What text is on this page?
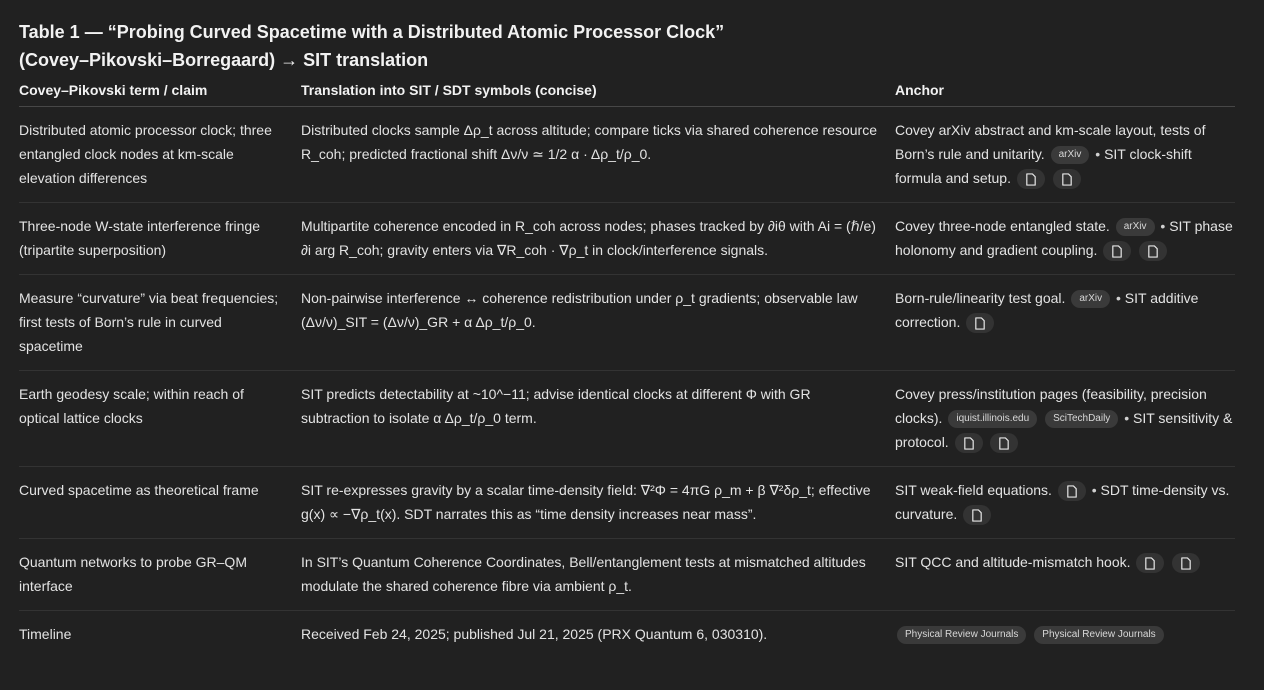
Table 1 — “Probing Curved Spacetime with a Distributed Atomic Processor Clock” (Covey–Pikovski–Borregaard) → SIT translation
Covey–Pikovski term / claim	Translation into SIT / SDT symbols (concise)	Anchor
Distributed atomic processor clock; three entangled clock nodes at km-scale elevation differences	Distributed clocks sample Δρ_t across altitude; compare ticks via shared coherence resource R_coh; predicted fractional shift Δν/ν ≃ 1/2 α · Δρ_t/ρ_0.	Covey arXiv abstract and km-scale layout, tests of Born’s rule and unitarity. arXiv • SIT clock-shift formula and setup.

Three-node W-state interference fringe (tripartite superposition)	Multipartite coherence encoded in R_coh across nodes; phases tracked by ∂iθ with Ai = (ℏ/e) ∂i arg R_coh; gravity enters via ∇R_coh · ∇ρ_t in clock/interference signals.	Covey three-node entangled state. arXiv • SIT phase holonomy and gradient coupling.

Measure “curvature” via beat frequencies; first tests of Born’s rule in curved spacetime	Non-pairwise interference ↔ coherence redistribution under ρ_t gradients; observable law (Δν/ν)_SIT = (Δν/ν)_GR + α Δρ_t/ρ_0.	Born-rule/linearity test goal. arXiv • SIT additive correction.

Earth geodesy scale; within reach of optical lattice clocks	SIT predicts detectability at ~10^−11; advise identical clocks at different Φ with GR subtraction to isolate α Δρ_t/ρ_0 term.	Covey press/institution pages (feasibility, precision clocks). iquist.illinois.edu SciTechDaily • SIT sensitivity & protocol.

Curved spacetime as theoretical frame	SIT re-expresses gravity by a scalar time-density field: ∇²Φ = 4πG ρ_m + β ∇²δρ_t; effective g(x) ∝ −∇ρ_t(x). SDT narrates this as “time density increases near mass”.	SIT weak-field equations. • SDT time-density vs. curvature.

Quantum networks to probe GR–QM interface	In SIT’s Quantum Coherence Coordinates, Bell/entanglement tests at mismatched altitudes modulate the shared coherence fibre via ambient ρ_t.	SIT QCC and altitude-mismatch hook.

Timeline	Received Feb 24, 2025; published Jul 21, 2025 (PRX Quantum 6, 030310).	Physical Review Journals Physical Review Journals
